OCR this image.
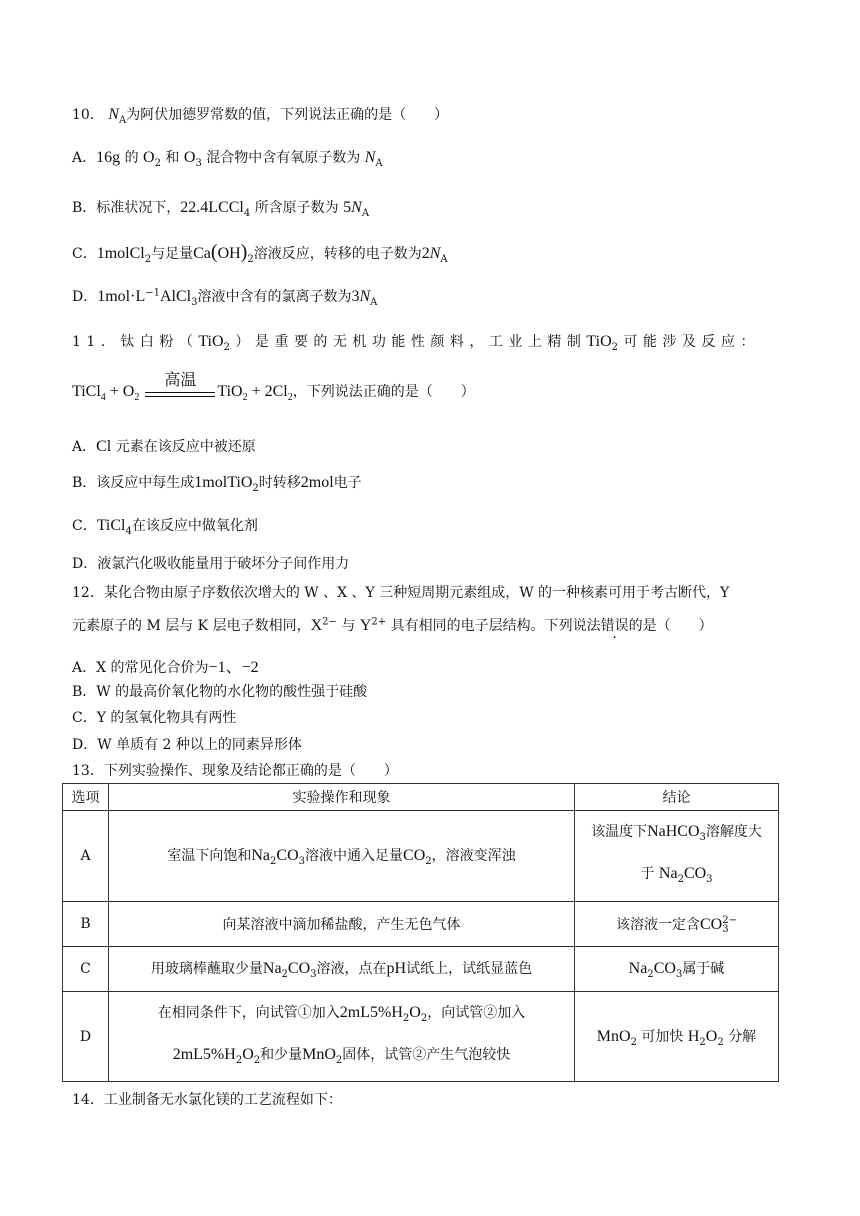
10． $N_A$为阿伏加德罗常数的值，下列说法正确的是（　　）
A．16g 的 $O_2$ 和 $O_3$ 混合物中含有氧原子数为 $N_A$
B．标准状况下，22.4LCCl$_4$ 所含原子数为 $5N_A$
C．1molCl$_2$与足量$Ca(OH)_2$溶液反应，转移的电子数为$2N_A$
D．$1mol\cdot L^{-1}AlCl_3$溶液中含有的氯离子数为$3N_A$
11．钛白粉（TiO$_2$）是重要的无机功能性颜料，工业上精制TiO$_2$可能涉及反应：
TiCl$_4$ + $O_2$
高温
$TiO_2 + 2Cl_2$，下列说法正确的是（　　）
A．Cl 元素在该反应中被还原
B．该反应中每生成1molTiO$_2$时转移2mol电子
C．TiCl$_4$在该反应中做氧化剂
D．液氯汽化吸收能量用于破坏分子间作用力
12．某化合物由原子序数依次增大的 W 、X 、Y 三种短周期元素组成，W 的一种核素可用于考古断代，Y
元素原子的 M 层与 K 层电子数相同，$X^{2-}$ 与 $Y^{2+}$ 具有相同的电子层结构。下列说法错误的是（　　）
A．X 的常见化合价为−1、−2
B．W 的最高价氧化物的水化物的酸性强于硅酸
C．Y 的氢氧化物具有两性
D．W 单质有 2 种以上的同素异形体
13．下列实验操作、现象及结论都正确的是（　　）
选项	实验操作和现象	结论
A	室温下向饱和$Na_2CO_3$溶液中通入足量$CO_2$，溶液变浑浊	该温度下NaHCO$_3$溶解度大
于 $Na_2CO_3$
B	向某溶液中滴加稀盐酸，产生无色气体	该溶液一定含CO2−
3
C	用玻璃棒蘸取少量$Na_2CO_3$溶液，点在pH试纸上，试纸显蓝色	$Na_2CO_3$属于碱
D	在相同条件下，向试管①加入$2mL5\%H_2O_2$，向试管②加入
$2mL5\%H_2O_2$和少量MnO$_2$固体，试管②产生气泡较快	MnO$_2$ 可加快 $H_2O_2$ 分解
14．工业制备无水氯化镁的工艺流程如下：
